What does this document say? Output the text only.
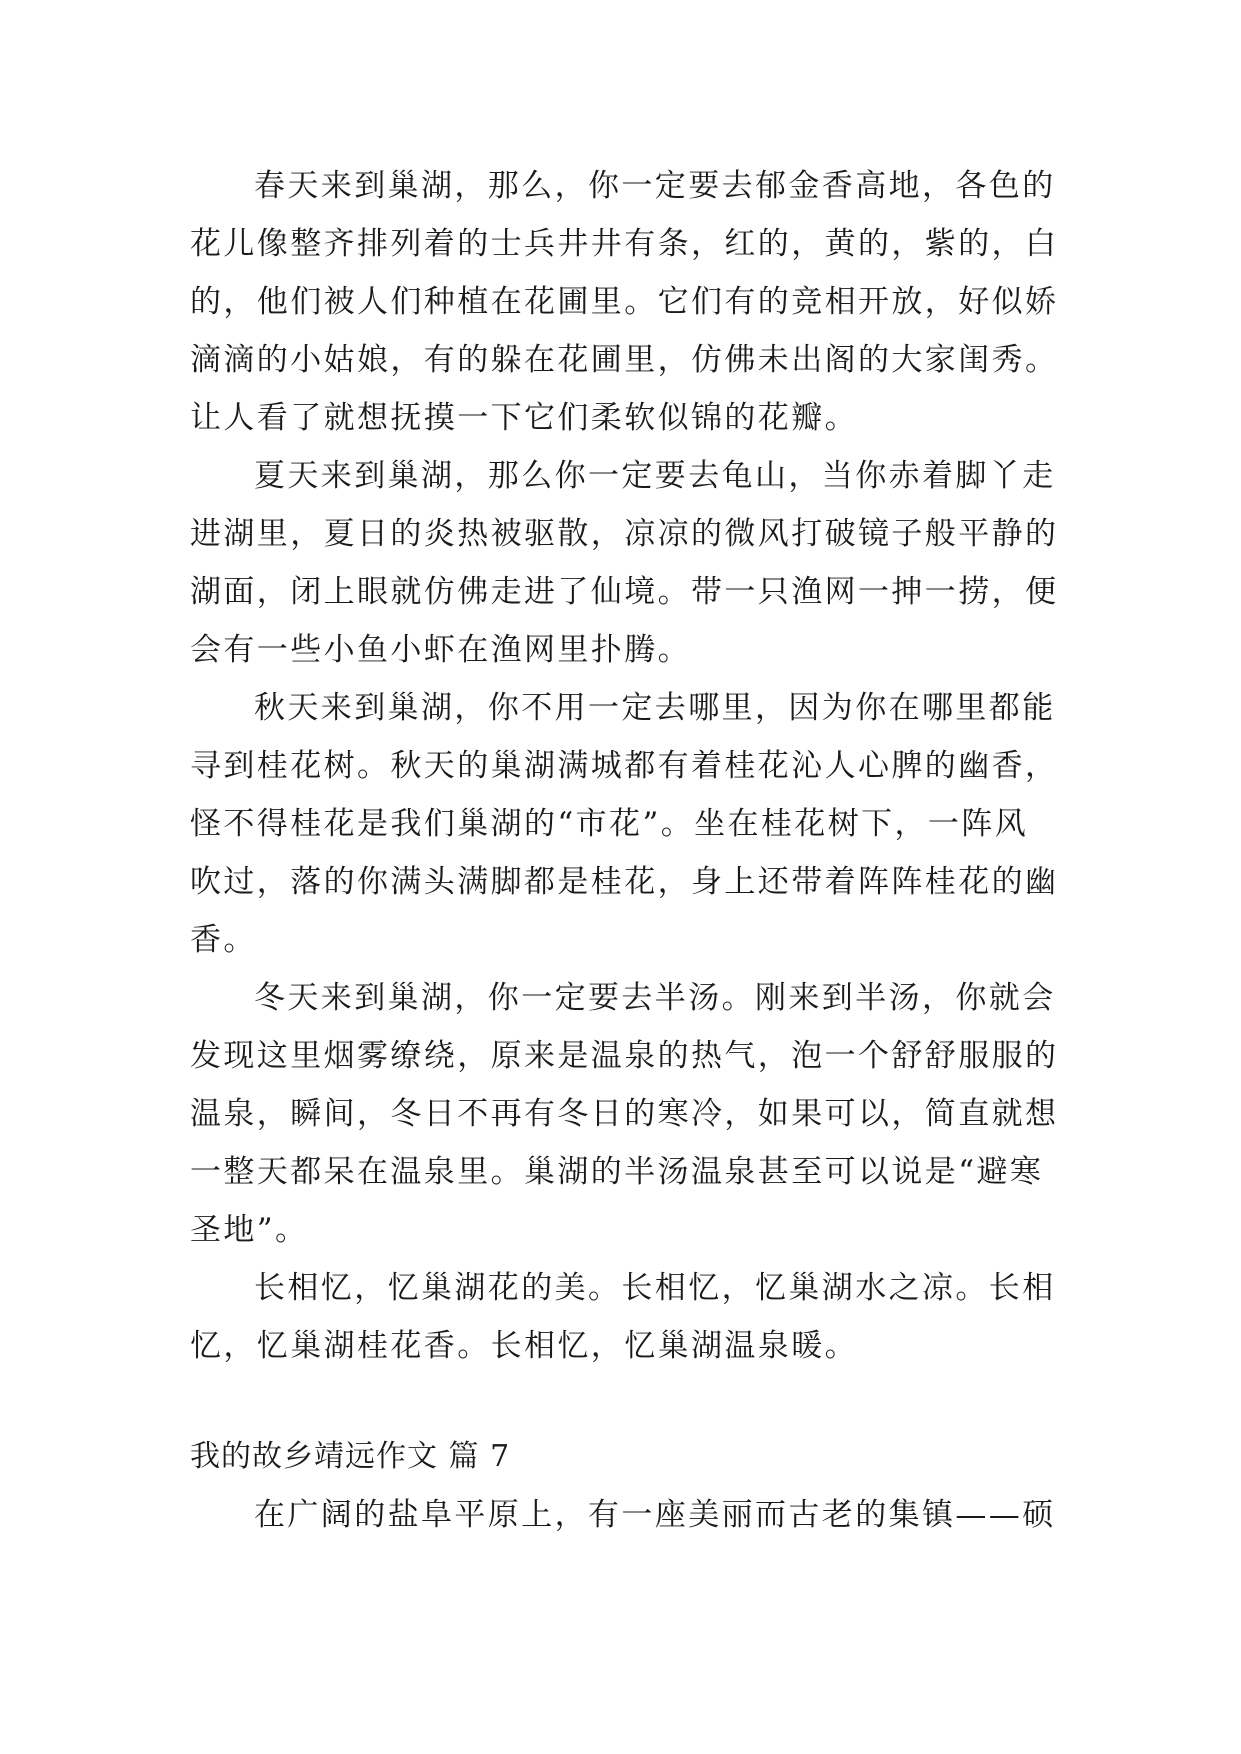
春天来到巢湖，那么，你一定要去郁金香高地，各色的
花儿像整齐排列着的士兵井井有条，红的，黄的，紫的，白
的，他们被人们种植在花圃里。它们有的竞相开放，好似娇
滴滴的小姑娘，有的躲在花圃里，仿佛未出阁的大家闺秀。
让人看了就想抚摸一下它们柔软似锦的花瓣。
夏天来到巢湖，那么你一定要去龟山，当你赤着脚丫走
进湖里，夏日的炎热被驱散，凉凉的微风打破镜子般平静的
湖面，闭上眼就仿佛走进了仙境。带一只渔网一抻一捞，便
会有一些小鱼小虾在渔网里扑腾。
秋天来到巢湖，你不用一定去哪里，因为你在哪里都能
寻到桂花树。秋天的巢湖满城都有着桂花沁人心脾的幽香，
怪不得桂花是我们巢湖的“市花”。坐在桂花树下，一阵风
吹过，落的你满头满脚都是桂花，身上还带着阵阵桂花的幽
香。
冬天来到巢湖，你一定要去半汤。刚来到半汤，你就会
发现这里烟雾缭绕，原来是温泉的热气，泡一个舒舒服服的
温泉，瞬间，冬日不再有冬日的寒冷，如果可以，简直就想
一整天都呆在温泉里。巢湖的半汤温泉甚至可以说是“避寒
圣地”。
长相忆，忆巢湖花的美。长相忆，忆巢湖水之凉。长相
忆，忆巢湖桂花香。长相忆，忆巢湖温泉暖。
我的故乡靖远作文 篇 7
在广阔的盐阜平原上，有一座美丽而古老的集镇——硕
